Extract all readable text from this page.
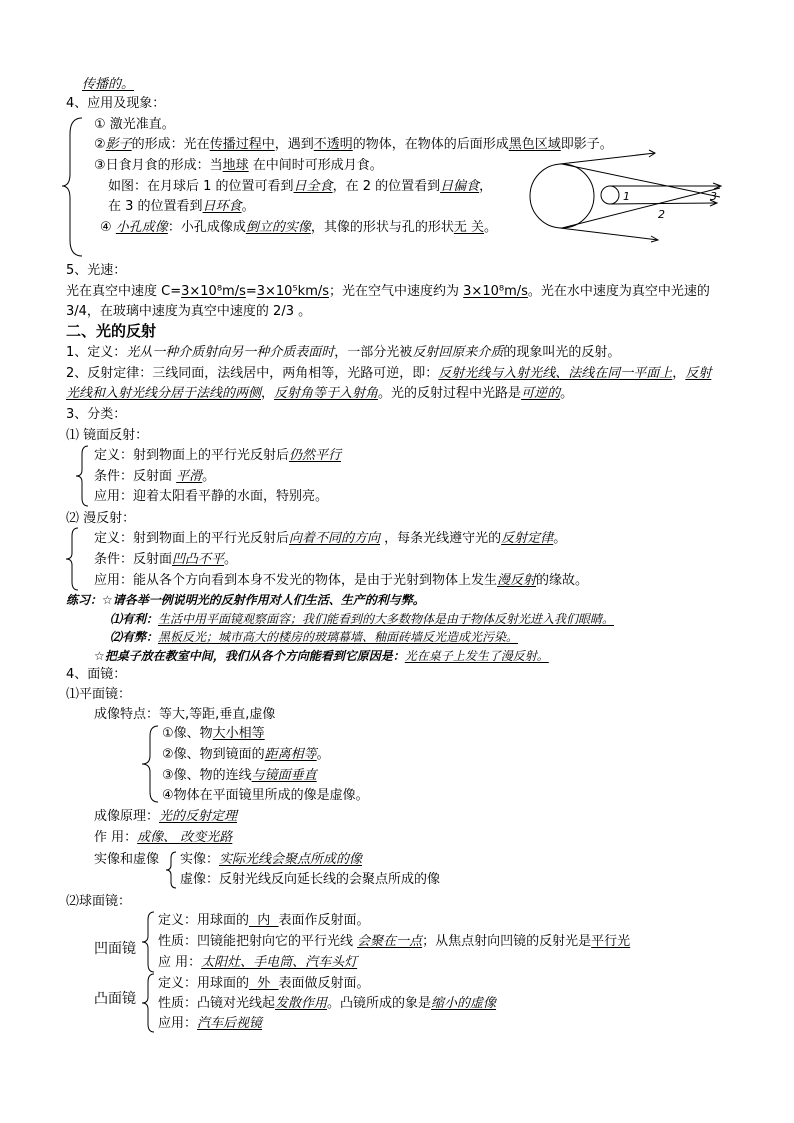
传播的。
4、应用及现象：
① 激光准直。
②影子的形成：光在传播过程中，遇到不透明的物体，在物体的后面形成黑色区域即影子。
③日食月食的形成：当地球 在中间时可形成月食。
如图：在月球后 1 的位置可看到日全食，在 2 的位置看到日偏食，
在 3 的位置看到日环食。
④ 小孔成像：小孔成像成倒立的实像，其像的形状与孔的形状无 关。
1
2
3
5、光速：
光在真空中速度 C=3×10⁸m/s=3×10⁵km/s；光在空气中速度约为 3×10⁸m/s。光在水中速度为真空中光速的
3/4，在玻璃中速度为真空中速度的 2/3 。
二、光的反射
1、定义：光从一种介质射向另一种介质表面时，一部分光被反射回原来介质的现象叫光的反射。
2、反射定律：三线同面，法线居中，两角相等，光路可逆，即：反射光线与入射光线、法线在同一平面上，反射
光线和入射光线分居于法线的两侧，反射角等于入射角。光的反射过程中光路是可逆的。
3、分类：
⑴ 镜面反射：
定义：射到物面上的平行光反射后仍然平行
条件：反射面 平滑。
应用：迎着太阳看平静的水面，特别亮。
⑵ 漫反射：
定义：射到物面上的平行光反射后向着不同的方向 ，每条光线遵守光的反射定律。
条件：反射面凹凸不平。
应用：能从各个方向看到本身不发光的物体，是由于光射到物体上发生漫反射的缘故。
练习：☆请各举一例说明光的反射作用对人们生活、生产的利与弊。
⑴有利：生活中用平面镜观察面容；我们能看到的大多数物体是由于物体反射光进入我们眼睛。
⑵有弊：黑板反光；城市高大的楼房的玻璃幕墙、釉面砖墙反光造成光污染。
☆把桌子放在教室中间，我们从各个方向能看到它原因是：光在桌子上发生了漫反射。
4、面镜：
⑴平面镜：
成像特点：等大,等距,垂直,虚像
①像、物大小相等
②像、物到镜面的距离相等。
③像、物的连线与镜面垂直
④物体在平面镜里所成的像是虚像。
成像原理：光的反射定理
作 用：成像、 改变光路
实像和虚像 实像：实际光线会聚点所成的像
虚像：反射光线反向延长线的会聚点所成的像
⑵球面镜：
凹面镜
定义：用球面的  内  表面作反射面。
性质：凹镜能把射向它的平行光线 会聚在一点；从焦点射向凹镜的反射光是平行光
应 用：太阳灶、手电筒、汽车头灯
凸面镜
定义：用球面的  外  表面做反射面。
性质：凸镜对光线起发散作用。凸镜所成的象是缩小的虚像
应用：汽车后视镜
